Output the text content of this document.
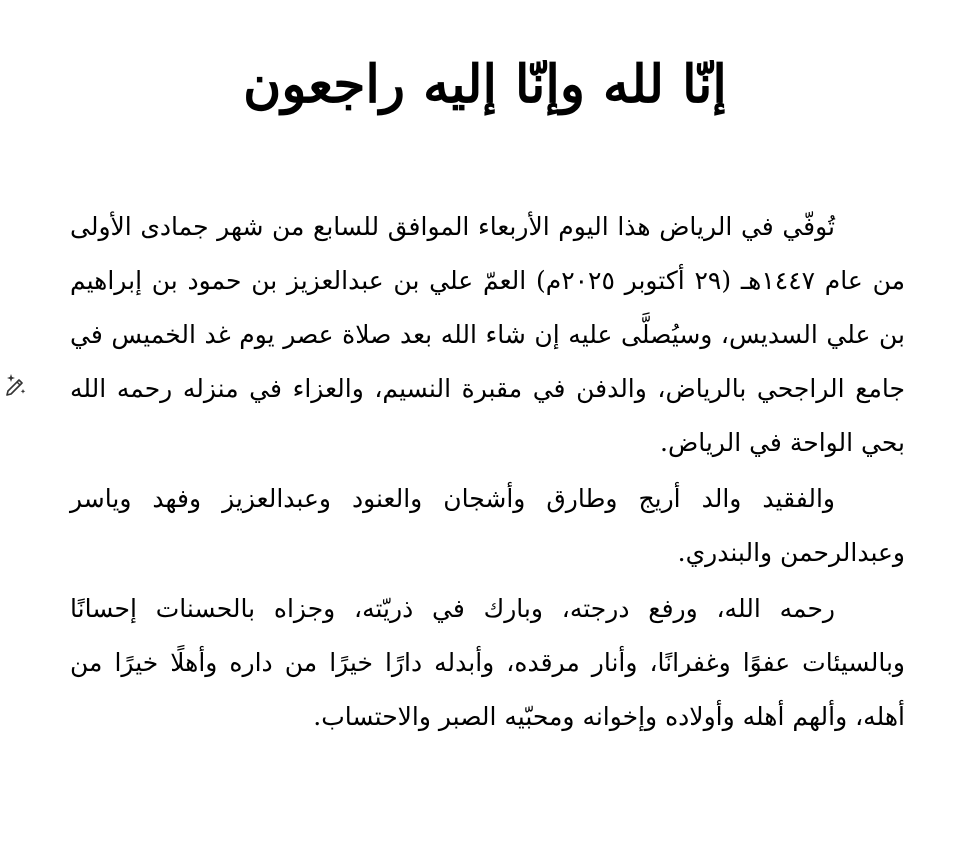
إنّا لله وإنّا إليه راجعون

تُوفّي في الرياض هذا اليوم الأربعاء الموافق للسابع من شهر جمادى الأولى من عام ١٤٤٧هـ (٢٩ أكتوبر ٢٠٢٥م) العمّ علي بن عبدالعزيز بن حمود بن إبراهيم بن علي السديس، وسيُصلَّى عليه إن شاء الله بعد صلاة عصر يوم غد الخميس في جامع الراجحي بالرياض، والدفن في مقبرة النسيم، والعزاء في منزله رحمه الله بحي الواحة في الرياض.

والفقيد والد أريج وطارق وأشجان والعنود وعبدالعزيز وفهد وياسر وعبدالرحمن والبندري.

رحمه الله، ورفع درجته، وبارك في ذريّته، وجزاه بالحسنات إحسانًا وبالسيئات عفوًا وغفرانًا، وأنار مرقده، وأبدله دارًا خيرًا من داره وأهلًا خيرًا من أهله، وألهم أهله وأولاده وإخوانه ومحبّيه الصبر والاحتساب.
